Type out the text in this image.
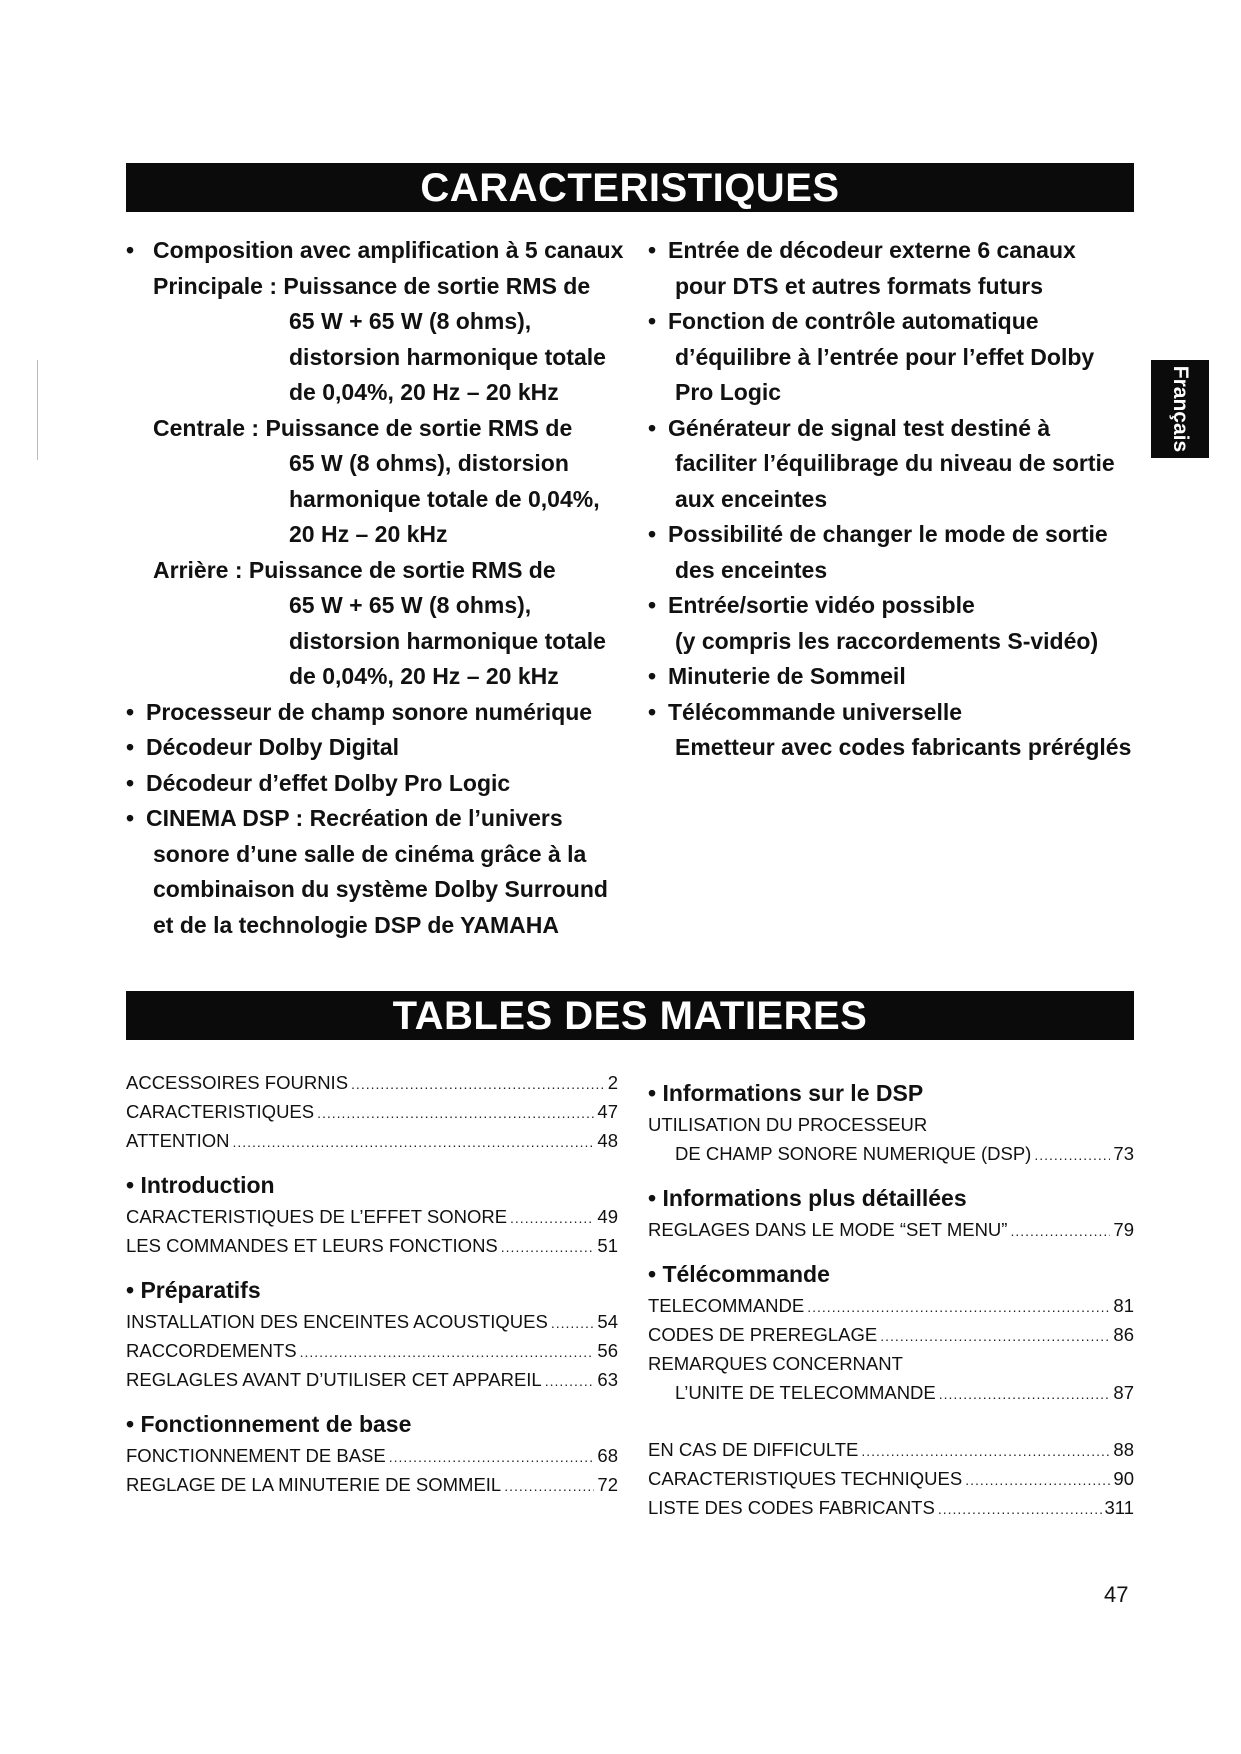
CARACTERISTIQUES
Français
• Composition avec amplification à 5 canaux
Principale : Puissance de sortie RMS de
65 W + 65 W (8 ohms),
distorsion harmonique totale
de 0,04%, 20 Hz – 20 kHz
Centrale : Puissance de sortie RMS de
65 W (8 ohms), distorsion
harmonique totale de 0,04%,
20 Hz – 20 kHz
Arrière : Puissance de sortie RMS de
65 W + 65 W (8 ohms),
distorsion harmonique totale
de 0,04%, 20 Hz – 20 kHz
• Processeur de champ sonore numérique
• Décodeur Dolby Digital
• Décodeur d’effet Dolby Pro Logic
• CINEMA DSP : Recréation de l’univers
sonore d’une salle de cinéma grâce à la
combinaison du système Dolby Surround
et de la technologie DSP de YAMAHA
• Entrée de décodeur externe 6 canaux
pour DTS et autres formats futurs
• Fonction de contrôle automatique
d’équilibre à l’entrée pour l’effet Dolby
Pro Logic
• Générateur de signal test destiné à
faciliter l’équilibrage du niveau de sortie
aux enceintes
• Possibilité de changer le mode de sortie
des enceintes
• Entrée/sortie vidéo possible
(y compris les raccordements S-vidéo)
• Minuterie de Sommeil
• Télécommande universelle
Emetteur avec codes fabricants préréglés
TABLES DES MATIERES
ACCESSOIRES FOURNIS .....	2
CARACTERISTIQUES .....	47
ATTENTION .....	48
• Introduction
CARACTERISTIQUES DE L’EFFET SONORE .....	49
LES COMMANDES ET LEURS FONCTIONS .....	51
• Préparatifs
INSTALLATION DES ENCEINTES ACOUSTIQUES .....	54
RACCORDEMENTS .....	56
REGLAGLES AVANT D’UTILISER CET APPAREIL .....	63
• Fonctionnement de base
FONCTIONNEMENT DE BASE .....	68
REGLAGE DE LA MINUTERIE DE SOMMEIL .....	72
• Informations sur le DSP
UTILISATION DU PROCESSEUR
DE CHAMP SONORE NUMERIQUE (DSP) .....	73
• Informations plus détaillées
REGLAGES DANS LE MODE “SET MENU” .....	79
• Télécommande
TELECOMMANDE .....	81
CODES DE PREREGLAGE .....	86
REMARQUES CONCERNANT
L’UNITE DE TELECOMMANDE .....	87
EN CAS DE DIFFICULTE .....	88
CARACTERISTIQUES TECHNIQUES .....	90
LISTE DES CODES FABRICANTS .....	311
47
